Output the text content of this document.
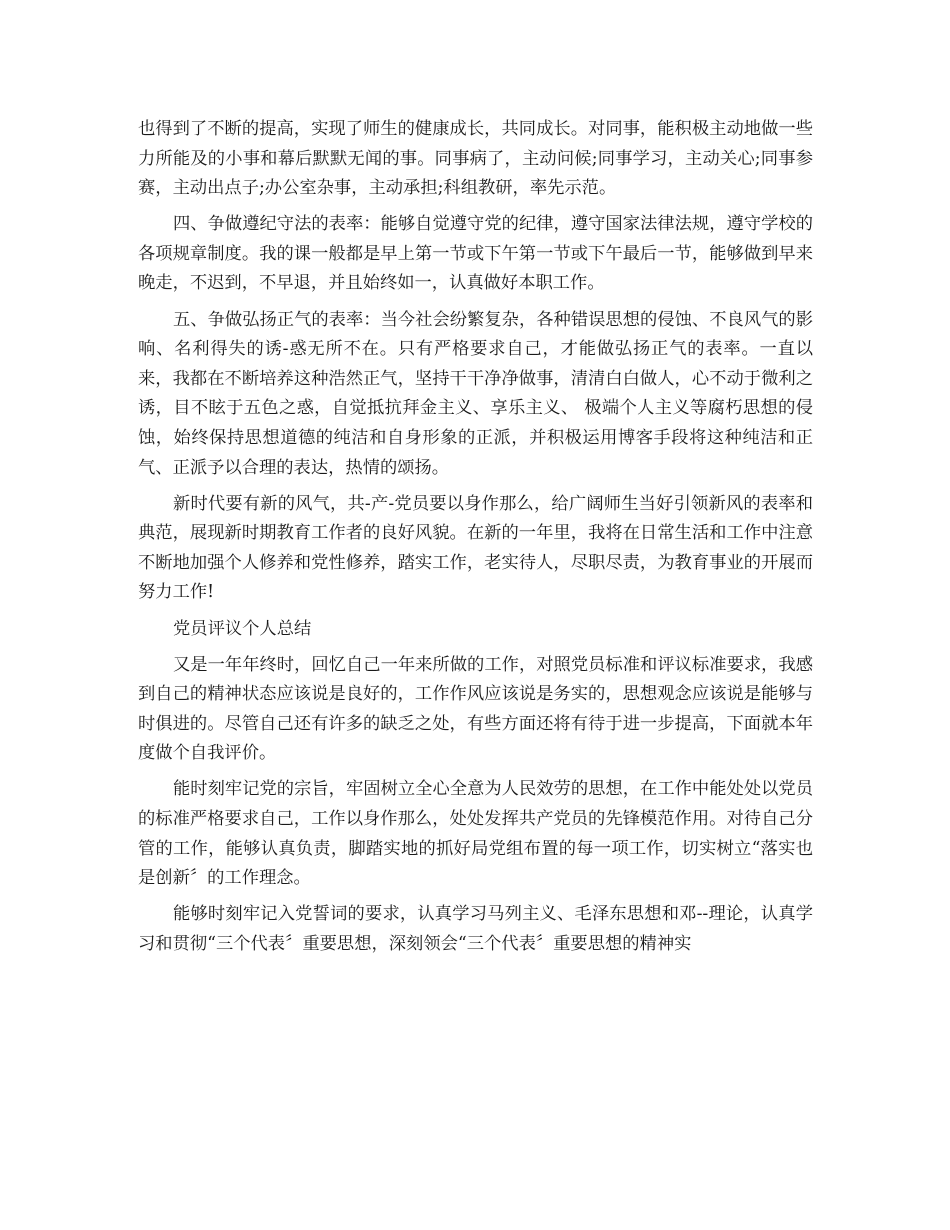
也得到了不断的提高，实现了师生的健康成长，共同成长。对同事，能积极主动地做一些力所能及的小事和幕后默默无闻的事。同事病了，主动问候;同事学习，主动关心;同事参赛，主动出点子;办公室杂事，主动承担;科组教研，率先示范。

四、争做遵纪守法的表率：能够自觉遵守党的纪律，遵守国家法律法规，遵守学校的各项规章制度。我的课一般都是早上第一节或下午第一节或下午最后一节，能够做到早来晚走，不迟到，不早退，并且始终如一，认真做好本职工作。

五、争做弘扬正气的表率：当今社会纷繁复杂，各种错误思想的侵蚀、不良风气的影响、名利得失的诱-惑无所不在。只有严格要求自己，才能做弘扬正气的表率。一直以来，我都在不断培养这种浩然正气，坚持干干净净做事，清清白白做人，心不动于微利之诱，目不眩于五色之惑，自觉抵抗拜金主义、享乐主义、 极端个人主义等腐朽思想的侵蚀，始终保持思想道德的纯洁和自身形象的正派，并积极运用博客手段将这种纯洁和正气、正派予以合理的表达，热情的颂扬。

新时代要有新的风气，共-产-党员要以身作那么，给广阔师生当好引领新风的表率和典范，展现新时期教育工作者的良好风貌。在新的一年里，我将在日常生活和工作中注意不断地加强个人修养和党性修养，踏实工作，老实待人，尽职尽责，为教育事业的开展而努力工作!

党员评议个人总结

又是一年年终时，回忆自己一年来所做的工作，对照党员标准和评议标准要求，我感到自己的精神状态应该说是良好的，工作作风应该说是务实的，思想观念应该说是能够与时俱进的。尽管自己还有许多的缺乏之处，有些方面还将有待于进一步提高，下面就本年度做个自我评价。

能时刻牢记党的宗旨，牢固树立全心全意为人民效劳的思想，在工作中能处处以党员的标准严格要求自己，工作以身作那么，处处发挥共产党员的先锋模范作用。对待自己分管的工作，能够认真负责，脚踏实地的抓好局党组布置的每一项工作，切实树立“落实也是创新〞的工作理念。

能够时刻牢记入党誓词的要求，认真学习马列主义、毛泽东思想和邓--理论，认真学习和贯彻“三个代表〞重要思想，深刻领会“三个代表〞重要思想的精神实
